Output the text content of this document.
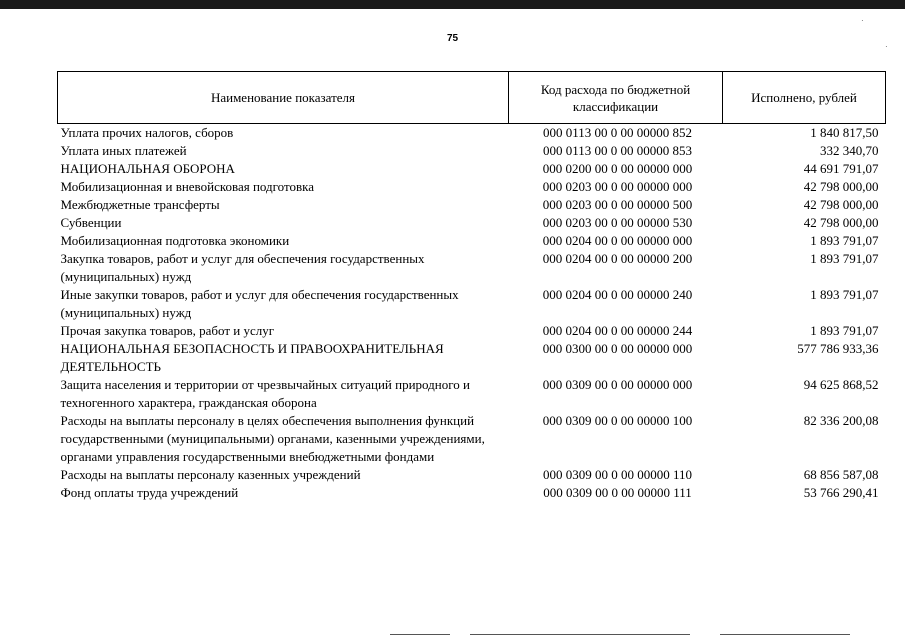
75
·
·
Наименование показателя	Код расхода по бюджетной классификации	Исполнено, рублей
Уплата прочих налогов, сборов	000 0113 00 0 00 00000 852	1 840 817,50
Уплата иных платежей	000 0113 00 0 00 00000 853	332 340,70
НАЦИОНАЛЬНАЯ ОБОРОНА	000 0200 00 0 00 00000 000	44 691 791,07
Мобилизационная и вневойсковая подготовка	000 0203 00 0 00 00000 000	42 798 000,00
Межбюджетные трансферты	000 0203 00 0 00 00000 500	42 798 000,00
Субвенции	000 0203 00 0 00 00000 530	42 798 000,00
Мобилизационная подготовка экономики	000 0204 00 0 00 00000 000	1 893 791,07
Закупка товаров, работ и услуг для обеспечения государственных (муниципальных) нужд	000 0204 00 0 00 00000 200	1 893 791,07
Иные закупки товаров, работ и услуг для обеспечения государственных (муниципальных) нужд	000 0204 00 0 00 00000 240	1 893 791,07
Прочая закупка товаров, работ и услуг	000 0204 00 0 00 00000 244	1 893 791,07
НАЦИОНАЛЬНАЯ БЕЗОПАСНОСТЬ И ПРАВООХРАНИТЕЛЬНАЯ ДЕЯТЕЛЬНОСТЬ	000 0300 00 0 00 00000 000	577 786 933,36
Защита населения и территории от чрезвычайных ситуаций природного и техногенного характера, гражданская оборона	000 0309 00 0 00 00000 000	94 625 868,52
Расходы на выплаты персоналу в целях обеспечения выполнения функций государственными (муниципальными) органами, казенными учреждениями, органами управления государственными внебюджетными фондами	000 0309 00 0 00 00000 100	82 336 200,08
Расходы на выплаты персоналу казенных учреждений	000 0309 00 0 00 00000 110	68 856 587,08
Фонд оплаты труда учреждений	000 0309 00 0 00 00000 111	53 766 290,41
